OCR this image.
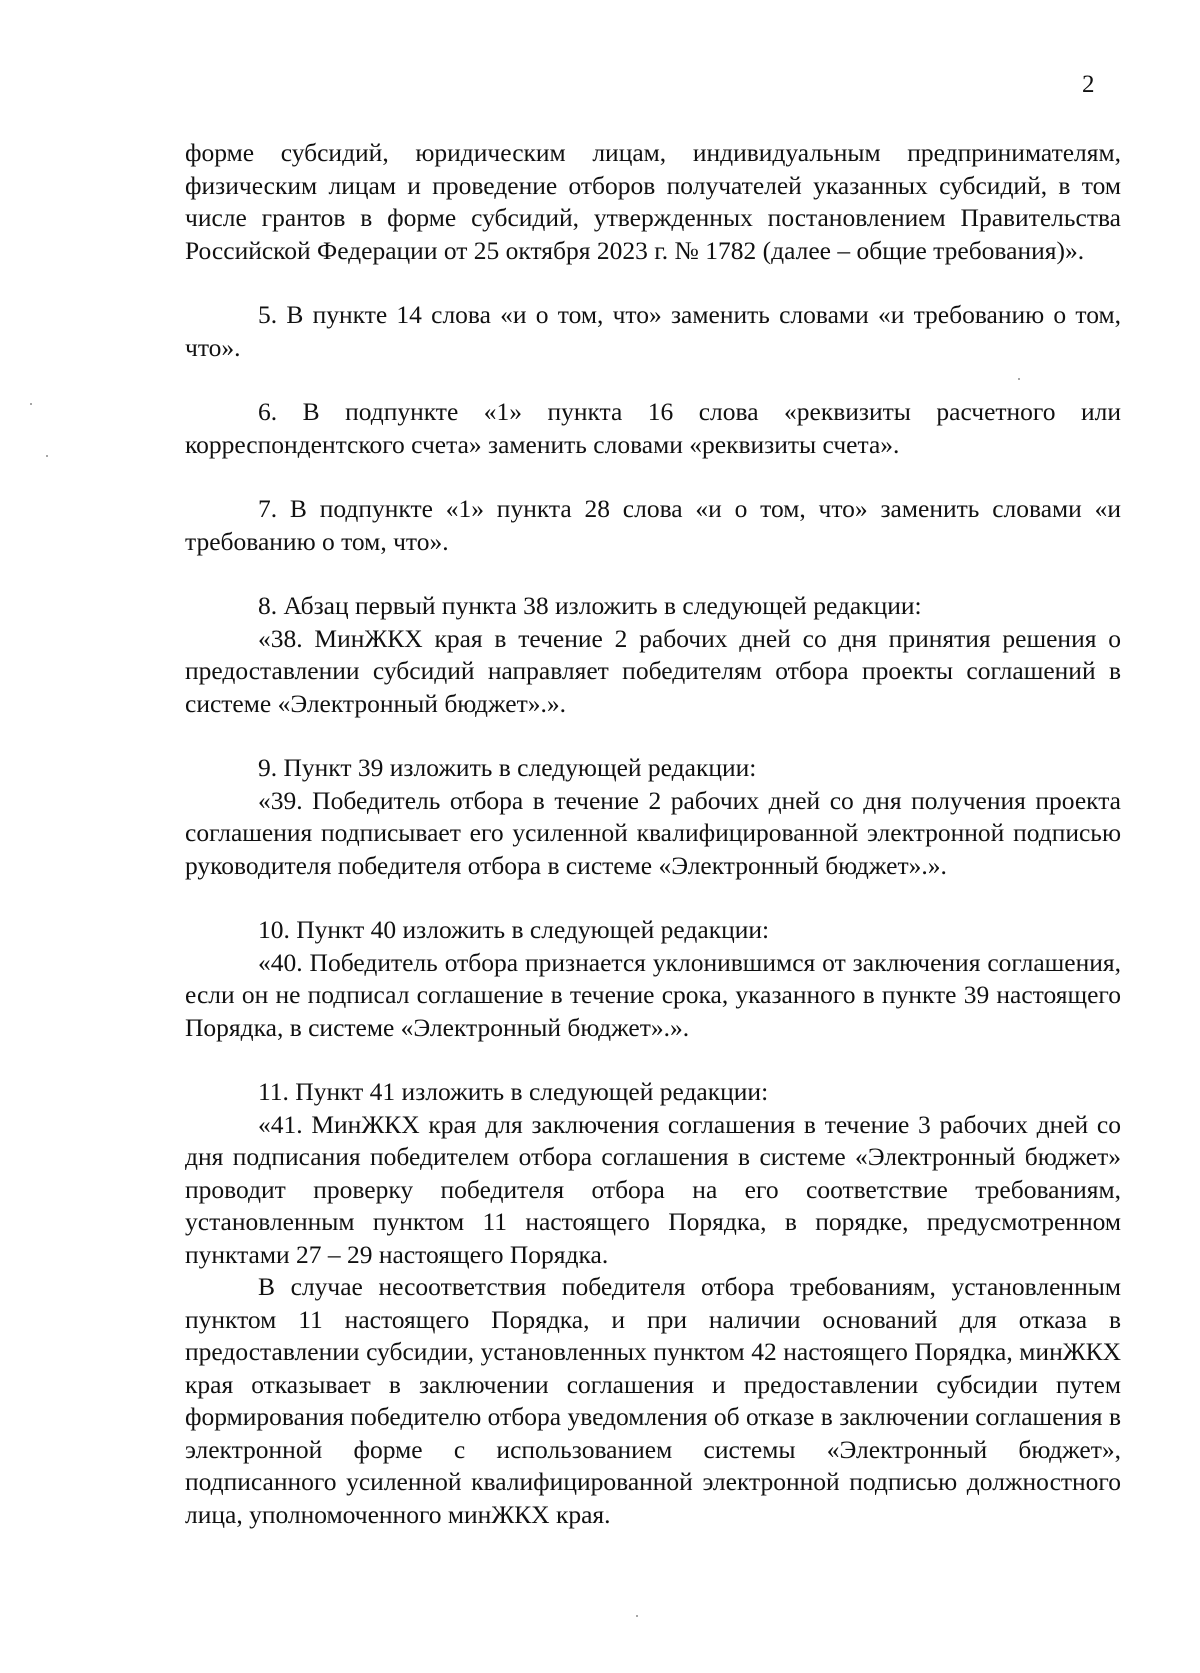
2

форме субсидий, юридическим лицам, индивидуальным предпринимателям, физическим лицам и проведение отборов получателей указанных субсидий, в том числе грантов в форме субсидий, утвержденных постановлением Правительства Российской Федерации от 25 октября 2023 г. № 1782 (далее – общие требования)».

5. В пункте 14 слова «и о том, что» заменить словами «и требованию о том, что».

6. В подпункте «1» пункта 16 слова «реквизиты расчетного или корреспондентского счета» заменить словами «реквизиты счета».

7. В подпункте «1» пункта 28 слова «и о том, что» заменить словами «и требованию о том, что».

8. Абзац первый пункта 38 изложить в следующей редакции:

«38. МинЖКХ края в течение 2 рабочих дней со дня принятия решения о предоставлении субсидий направляет победителям отбора проекты соглашений в системе «Электронный бюджет».».

9. Пункт 39 изложить в следующей редакции:

«39. Победитель отбора в течение 2 рабочих дней со дня получения проекта соглашения подписывает его усиленной квалифицированной электронной подписью руководителя победителя отбора в системе «Электронный бюджет».».

10. Пункт 40 изложить в следующей редакции:

«40. Победитель отбора признается уклонившимся от заключения соглашения, если он не подписал соглашение в течение срока, указанного в пункте 39 настоящего Порядка, в системе «Электронный бюджет».».

11. Пункт 41 изложить в следующей редакции:

«41. МинЖКХ края для заключения соглашения в течение 3 рабочих дней со дня подписания победителем отбора соглашения в системе «Электронный бюджет» проводит проверку победителя отбора на его соответствие требованиям, установленным пунктом 11 настоящего Порядка, в порядке, предусмотренном пунктами 27 – 29 настоящего Порядка.

В случае несоответствия победителя отбора требованиям, установленным пунктом 11 настоящего Порядка, и при наличии оснований для отказа в предоставлении субсидии, установленных пунктом 42 настоящего Порядка, минЖКХ края отказывает в заключении соглашения и предоставлении субсидии путем формирования победителю отбора уведомления об отказе в заключении соглашения в электронной форме с использованием системы «Электронный бюджет», подписанного усиленной квалифицированной электронной подписью должностного лица, уполномоченного минЖКХ края.
